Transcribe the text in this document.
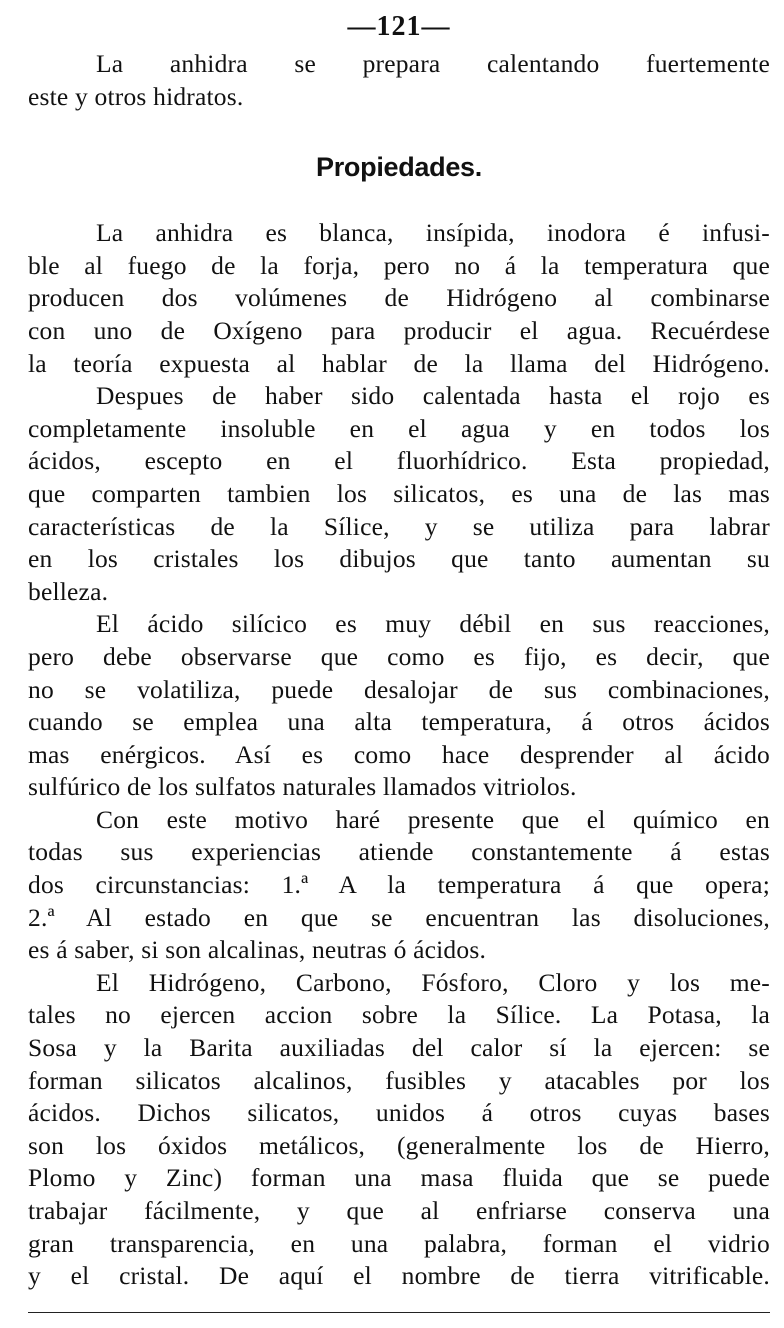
—121—
La anhidra se prepara calentando fuertemente
este y otros hidratos.
Propiedades.
La anhidra es blanca, insípida, inodora é infusi-
ble al fuego de la forja, pero no á la temperatura que
producen dos volúmenes de Hidrógeno al combinarse
con uno de Oxígeno para producir el agua. Recuérdese
la teoría expuesta al hablar de la llama del Hidrógeno.
Despues de haber sido calentada hasta el rojo es
completamente insoluble en el agua y en todos los
ácidos, escepto en el fluorhídrico. Esta propiedad,
que comparten tambien los silicatos, es una de las mas
características de la Sílice, y se utiliza para labrar
en los cristales los dibujos que tanto aumentan su
belleza.
El ácido silícico es muy débil en sus reacciones,
pero debe observarse que como es fijo, es decir, que
no se volatiliza, puede desalojar de sus combinaciones,
cuando se emplea una alta temperatura, á otros ácidos
mas enérgicos. Así es como hace desprender al ácido
sulfúrico de los sulfatos naturales llamados vitriolos.
Con este motivo haré presente que el químico en
todas sus experiencias atiende constantemente á estas
dos circunstancias: 1.ª A la temperatura á que opera;
2.ª Al estado en que se encuentran las disoluciones,
es á saber, si son alcalinas, neutras ó ácidos.
El Hidrógeno, Carbono, Fósforo, Cloro y los me-
tales no ejercen accion sobre la Sílice. La Potasa, la
Sosa y la Barita auxiliadas del calor sí la ejercen: se
forman silicatos alcalinos, fusibles y atacables por los
ácidos. Dichos silicatos, unidos á otros cuyas bases
son los óxidos metálicos, (generalmente los de Hierro,
Plomo y Zinc) forman una masa fluida que se puede
trabajar fácilmente, y que al enfriarse conserva una
gran transparencia, en una palabra, forman el vidrio
y el cristal. De aquí el nombre de tierra vitrificable.
